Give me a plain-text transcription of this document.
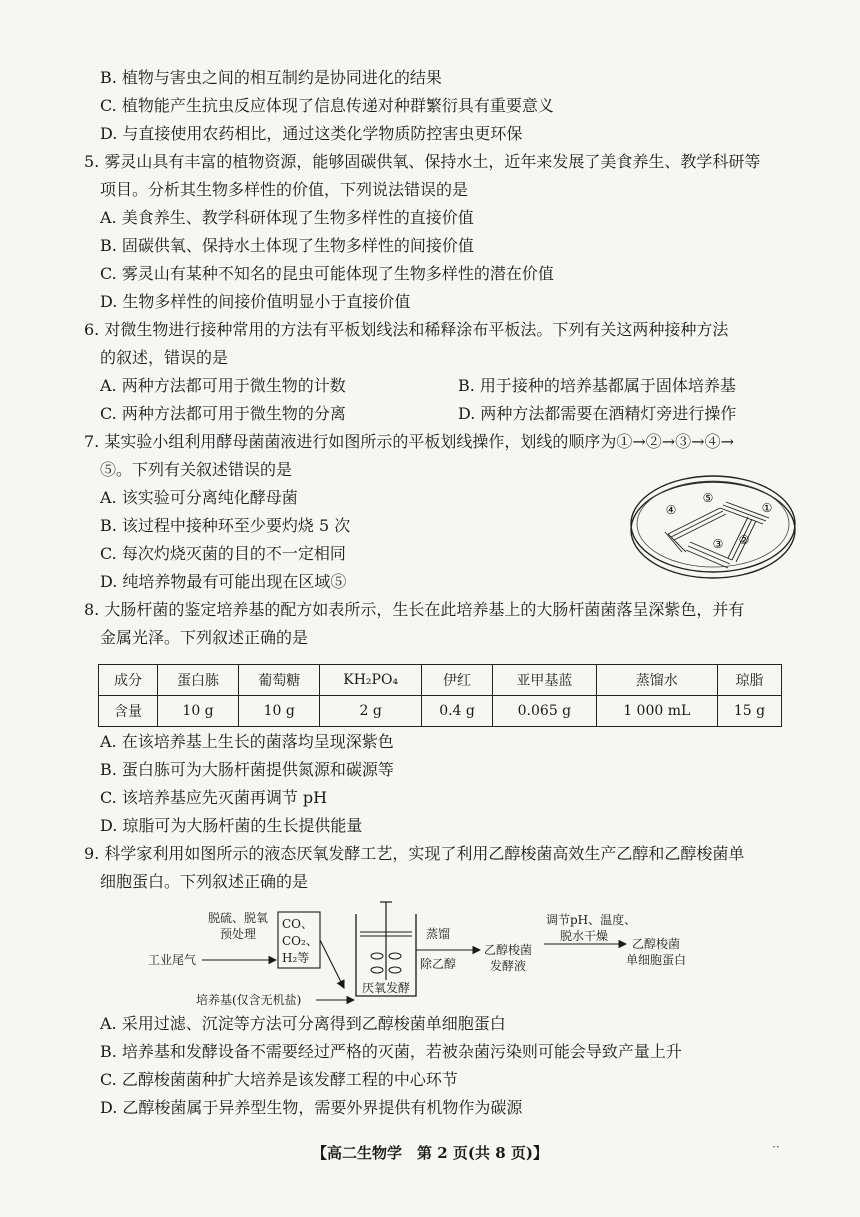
B. 植物与害虫之间的相互制约是协同进化的结果
C. 植物能产生抗虫反应体现了信息传递对种群繁衍具有重要意义
D. 与直接使用农药相比，通过这类化学物质防控害虫更环保
5. 雾灵山具有丰富的植物资源，能够固碳供氧、保持水土，近年来发展了美食养生、教学科研等
项目。分析其生物多样性的价值，下列说法错误的是
A. 美食养生、教学科研体现了生物多样性的直接价值
B. 固碳供氧、保持水土体现了生物多样性的间接价值
C. 雾灵山有某种不知名的昆虫可能体现了生物多样性的潜在价值
D. 生物多样性的间接价值明显小于直接价值
6. 对微生物进行接种常用的方法有平板划线法和稀释涂布平板法。下列有关这两种接种方法
的叙述，错误的是
A. 两种方法都可用于微生物的计数	B. 用于接种的培养基都属于固体培养基
C. 两种方法都可用于微生物的分离	D. 两种方法都需要在酒精灯旁进行操作
7. 某实验小组利用酵母菌菌液进行如图所示的平板划线操作，划线的顺序为①→②→③→④→
⑤。下列有关叙述错误的是
A. 该实验可分离纯化酵母菌
B. 该过程中接种环至少要灼烧 5 次
C. 每次灼烧灭菌的目的不一定相同
D. 纯培养物最有可能出现在区域⑤
①
②
③
④
⑤
8. 大肠杆菌的鉴定培养基的配方如表所示，生长在此培养基上的大肠杆菌菌落呈深紫色，并有
金属光泽。下列叙述正确的是
成分	蛋白胨	葡萄糖	KH₂PO₄	伊红	亚甲基蓝	蒸馏水	琼脂
含量	10 g	10 g	2 g	0.4 g	0.065 g	1 000 mL	15 g
A. 在该培养基上生长的菌落均呈现深紫色
B. 蛋白胨可为大肠杆菌提供氮源和碳源等
C. 该培养基应先灭菌再调节 pH
D. 琼脂可为大肠杆菌的生长提供能量
9. 科学家利用如图所示的液态厌氧发酵工艺，实现了利用乙醇梭菌高效生产乙醇和乙醇梭菌单
细胞蛋白。下列叙述正确的是
工业尾气
脱硫、脱氧
预处理
CO、
CO₂、
H₂等
培养基(仅含无机盐)
厌氧发酵
蒸馏
除乙醇
乙醇梭菌
发酵液
调节pH、温度、
脱水干燥
乙醇梭菌
单细胞蛋白
A. 采用过滤、沉淀等方法可分离得到乙醇梭菌单细胞蛋白
B. 培养基和发酵设备不需要经过严格的灭菌，若被杂菌污染则可能会导致产量上升
C. 乙醇梭菌菌种扩大培养是该发酵工程的中心环节
D. 乙醇梭菌属于异养型生物，需要外界提供有机物作为碳源
【高二生物学　第 2 页(共 8 页)】	··
